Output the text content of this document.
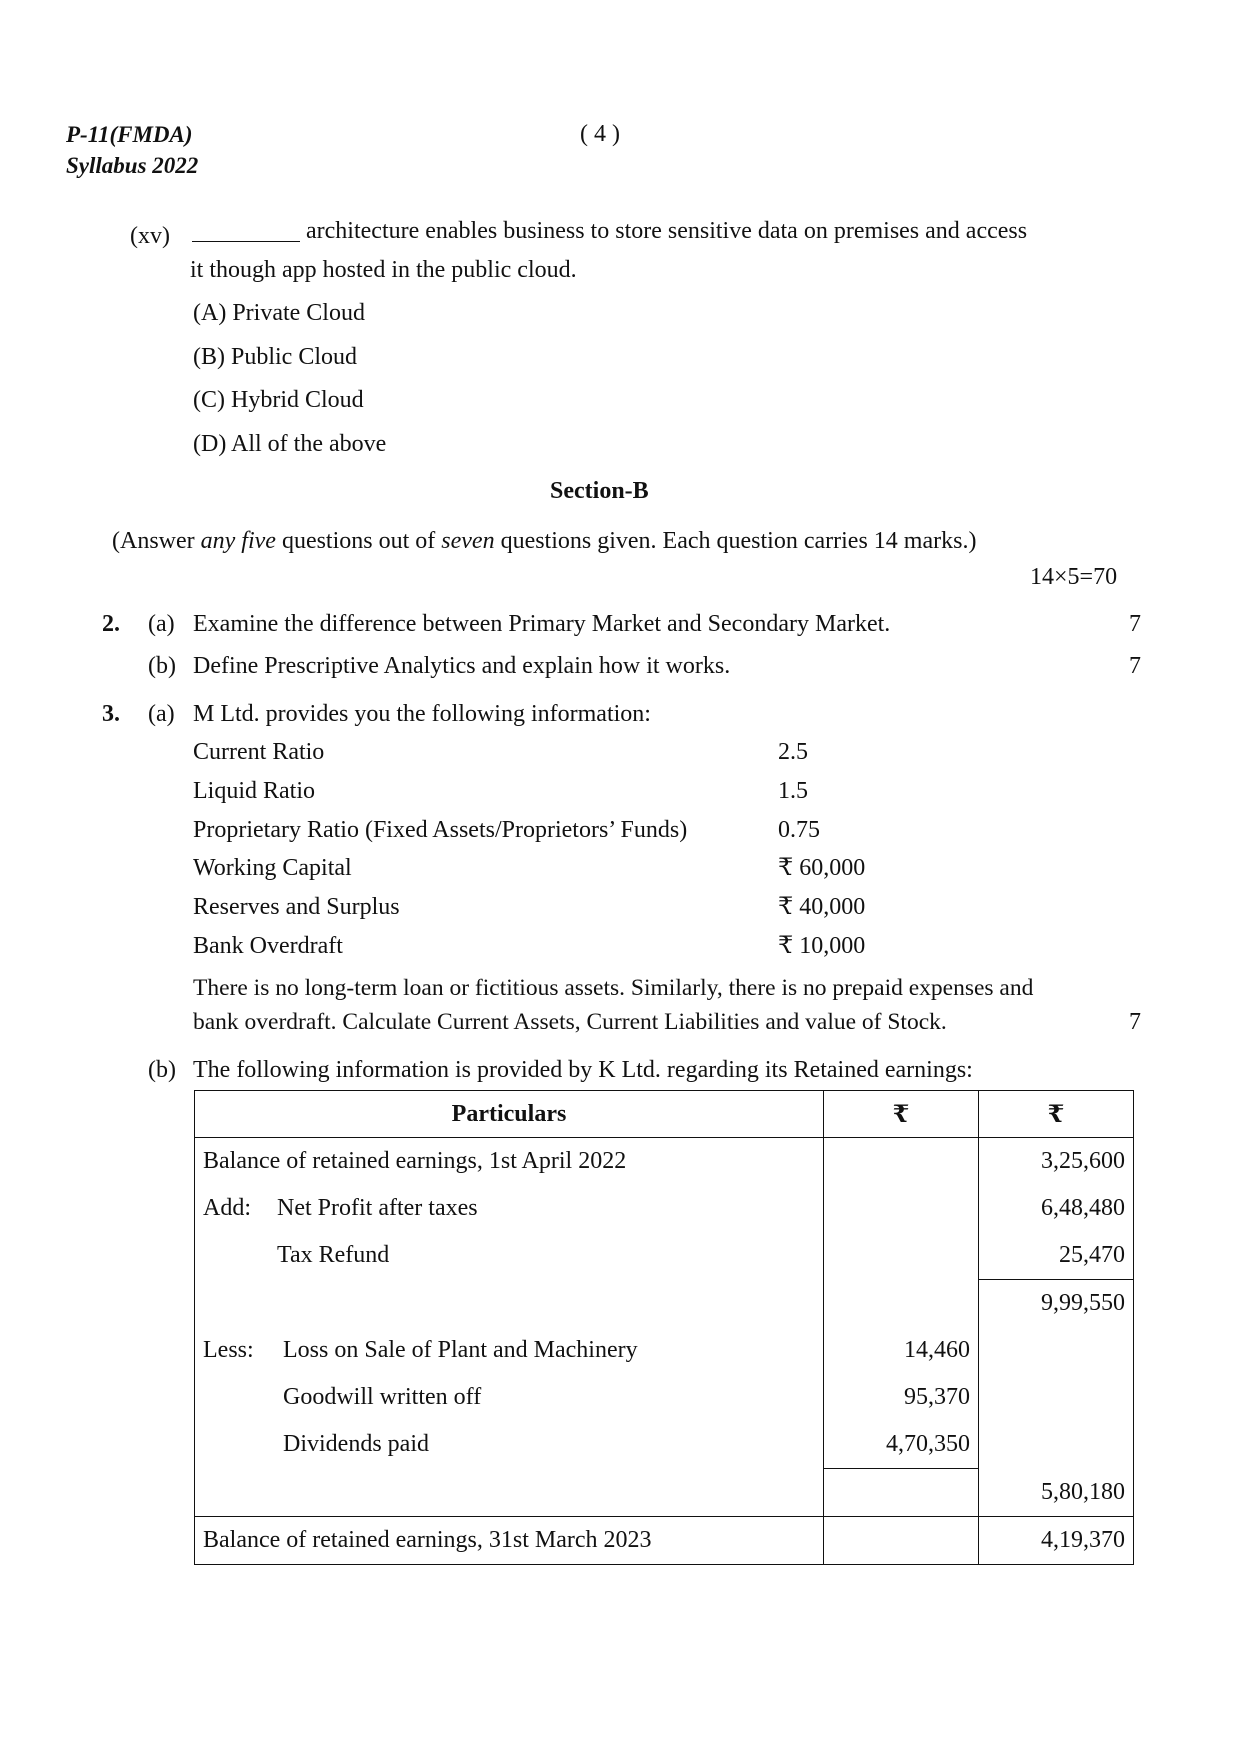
P-11(FMDA)
Syllabus 2022
( 4 )
(xv)	architecture enables business to store sensitive data on premises and access
it though app hosted in the public cloud.
(A) Private Cloud
(B) Public Cloud
(C) Hybrid Cloud
(D) All of the above
Section-B
(Answer any five questions out of seven questions given. Each question carries 14 marks.)
14×5=70
2. (a) Examine the difference between Primary Market and Secondary Market.	7
(b) Define Prescriptive Analytics and explain how it works.	7
3. (a) M Ltd. provides you the following information:
Current Ratio	2.5
Liquid Ratio	1.5
Proprietary Ratio (Fixed Assets/Proprietors’ Funds)	0.75
Working Capital	₹ 60,000
Reserves and Surplus	₹ 40,000
Bank Overdraft	₹ 10,000
There is no long-term loan or fictitious assets. Similarly, there is no prepaid expenses and
bank overdraft. Calculate Current Assets, Current Liabilities and value of Stock.	7
(b) The following information is provided by K Ltd. regarding its Retained earnings:
Particulars	₹	₹
Balance of retained earnings, 1st April 2022		3,25,600
Add: Net Profit after taxes		6,48,480
Tax Refund		25,470
		9,99,550
Less: Loss on Sale of Plant and Machinery	14,460	
Goodwill written off	95,370	
Dividends paid	4,70,350	
		5,80,180
Balance of retained earnings, 31st March 2023		4,19,370
